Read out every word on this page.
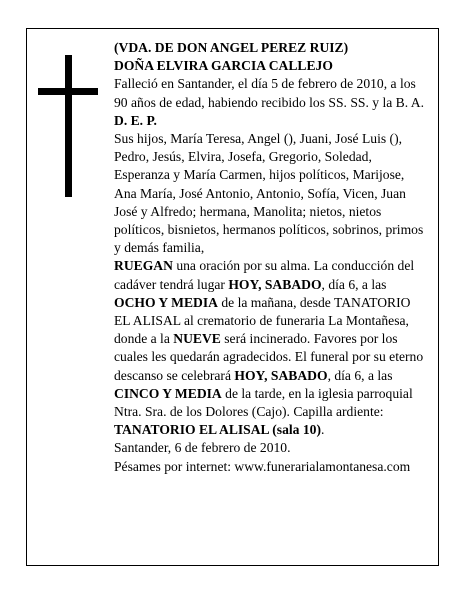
(VDA. DE DON ANGEL PEREZ RUIZ)

DOÑA ELVIRA GARCIA CALLEJO

Falleció en Santander, el día 5 de febrero de 2010, a los 90 años de edad, habiendo recibido los SS. SS. y la B. A.

D. E. P.

Sus hijos, María Teresa, Angel (), Juani, José Luis (), Pedro, Jesús, Elvira, Josefa, Gregorio, Soledad, Esperanza y María Carmen, hijos políticos, Marijose, Ana María, José Antonio, Antonio, Sofía, Vicen, Juan José y Alfredo; hermana, Manolita; nietos, nietos políticos, bisnietos, hermanos políticos, sobrinos, primos y demás familia,

RUEGAN una oración por su alma. La conducción del cadáver tendrá lugar HOY, SABADO, día 6, a las OCHO Y MEDIA de la mañana, desde TANATORIO EL ALISAL al crematorio de funeraria La Montañesa, donde a la NUEVE será incinerado. Favores por los cuales les quedarán agradecidos. El funeral por su eterno descanso se celebrará HOY, SABADO, día 6, a las CINCO Y MEDIA de la tarde, en la iglesia parroquial Ntra. Sra. de los Dolores (Cajo). Capilla ardiente: TANATORIO EL ALISAL (sala 10).

Santander, 6 de febrero de 2010.

Pésames por internet: www.funerarialamontanesa.com
